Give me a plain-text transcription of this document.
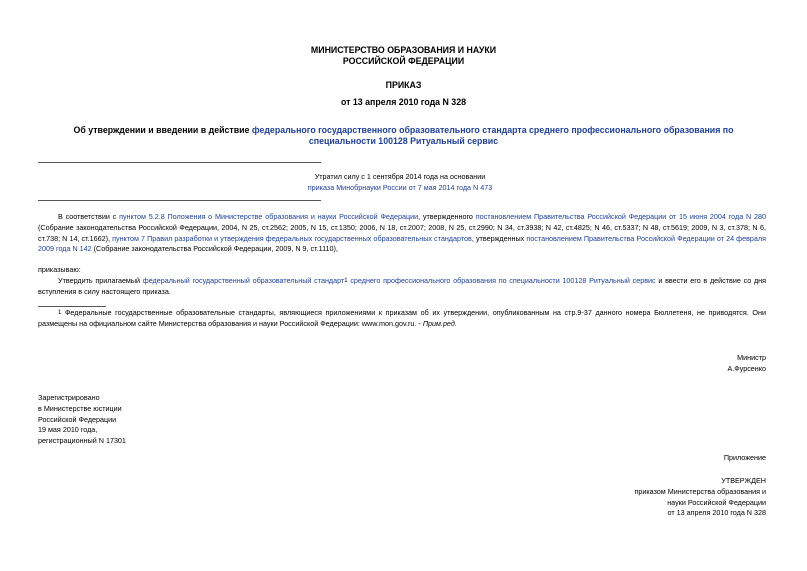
МИНИСТЕРСТВО ОБРАЗОВАНИЯ И НАУКИ
РОССИЙСКОЙ ФЕДЕРАЦИИ
ПРИКАЗ
от 13 апреля 2010 года N 328
Об утверждении и введении в действие федерального государственного образовательного стандарта среднего профессионального образования по специальности 100128 Ритуальный сервис
Утратил силу с 1 сентября 2014 года на основании
приказа Минобрнауки России от 7 мая 2014 года N 473

В соответствии с пунктом 5.2.8 Положения о Министерстве образования и науки Российской Федерации, утвержденного постановлением Правительства Российской Федерации от 15 июня 2004 года N 280 (Собрание законодательства Российской Федерации, 2004, N 25, ст.2562; 2005, N 15, ст.1350; 2006, N 18, ст.2007; 2008, N 25, ст.2990; N 34, ст.3938; N 42, ст.4825; N 46, ст.5337; N 48, ст.5619; 2009, N 3, ст.378; N 6, ст.738; N 14, ст.1662), пунктом 7 Правил разработки и утверждения федеральных государственных образовательных стандартов, утвержденных постановлением Правительства Российской Федерации от 24 февраля 2009 года N 142 (Собрание законодательства Российской Федерации, 2009, N 9, ст.1110),

приказываю:

Утвердить прилагаемый федеральный государственный образовательный стандарт1 среднего профессионального образования по специальности 100128 Ритуальный сервис и ввести его в действие со дня вступления в силу настоящего приказа.

1 Федеральные государственные образовательные стандарты, являющиеся приложениями к приказам об их утверждении, опубликованным на стр.9-37 данного номера Бюллетеня, не приводятся. Они размещены на официальном сайте Министерства образования и науки Российской Федерации: www.mon.gov.ru. - Прим.ред.

Министр
А.Фурсенко
Зарегистрировано
в Министерстве юстиции
Российской Федерации
19 мая 2010 года,
регистрационный N 17301
Приложение
УТВЕРЖДЕН
приказом Министерства образования и
науки Российской Федерации
от 13 апреля 2010 года N 328
